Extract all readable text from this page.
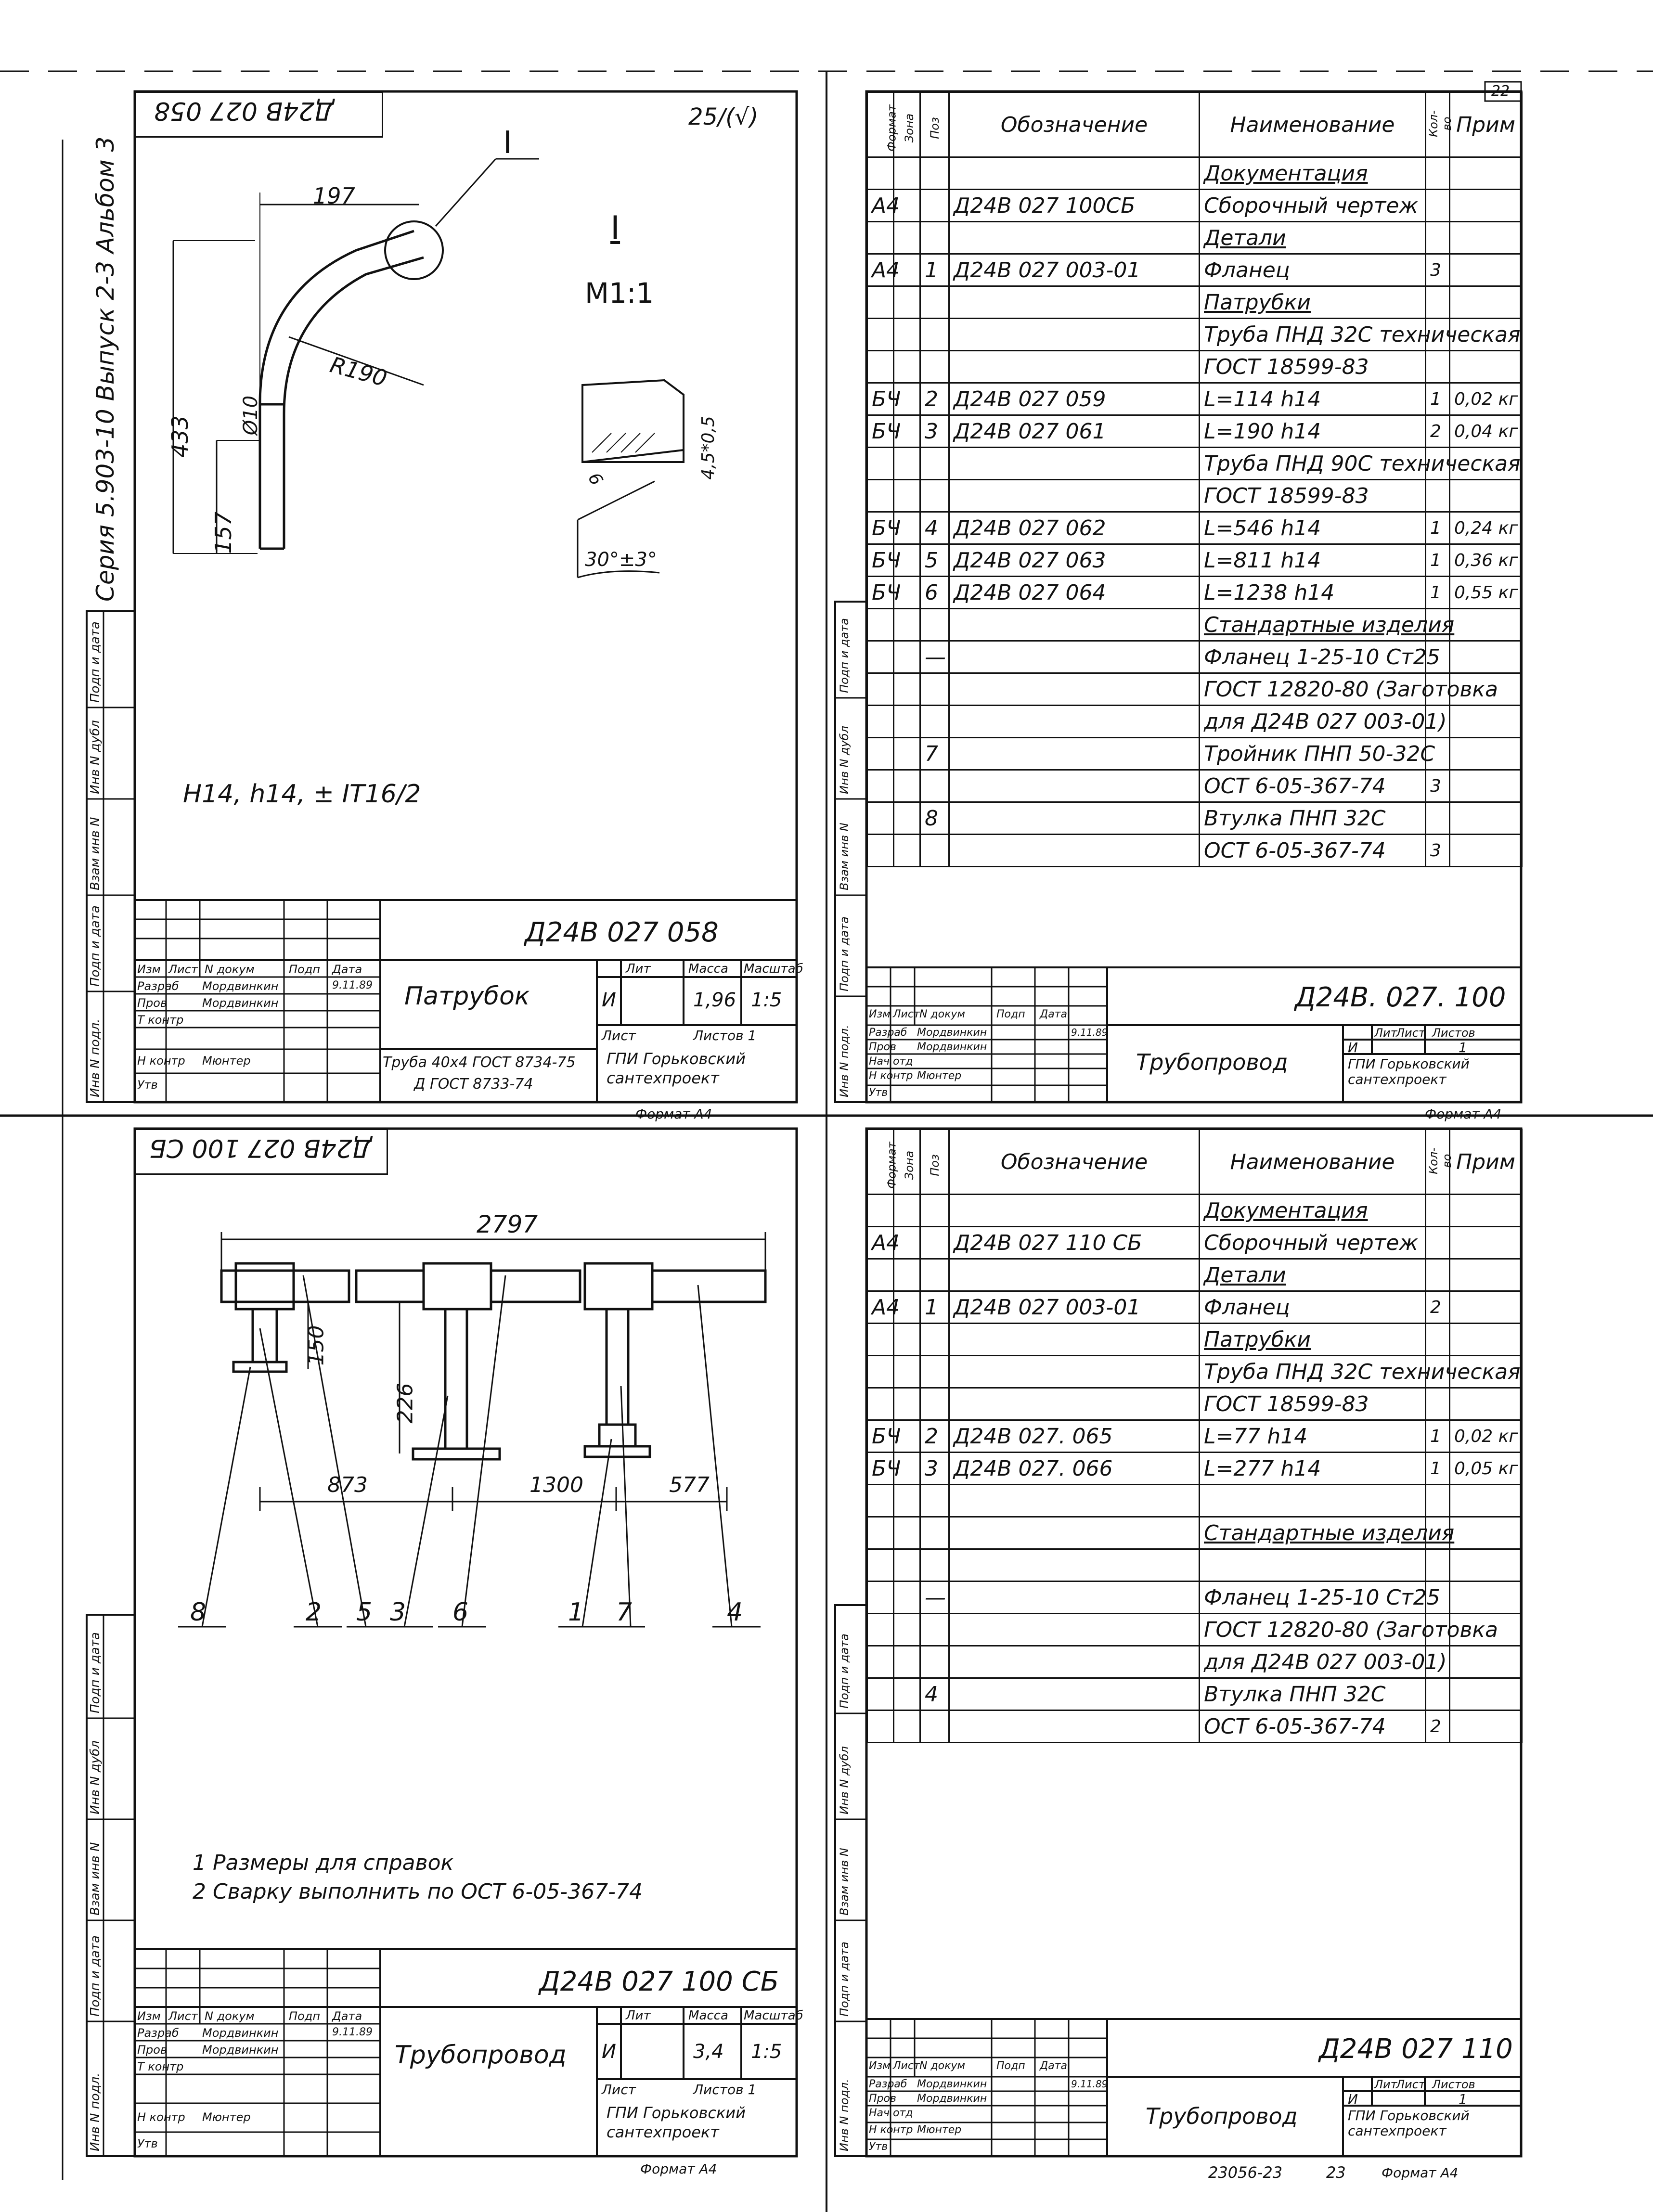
22
Серия 5.903-10 Выпуск 2-3 Альбом 3
Инв N подл.
Подп и дата
Взам инв N
Инв N дубл
Подп и дата
Инв N подл.
Подп и дата
Взам инв N
Инв N дубл
Подп и дата
Инв N подл.
Подп и дата
Взам инв N
Инв N дубл
Подп и дата
Инв N подл.
Подп и дата
Взам инв N
Инв N дубл
Подп и дата
Д24В 027 058	25/(√)
I
I
М1:1
197
R190
433
157
Ø10
4,5*0,5
30°±3°
6
H14, h14, ± IT16/2
Д24В 027 058
Изм Лист N докум	Подп Дата
Разраб Мордвинкин	9.11.89
Пров	Мордвинкин
Т контр
Н контр Мюнтер
Утв
Патрубок
Труба 40х4 ГОСТ 8734-75
Д ГОСТ 8733-74
Лит	Масса Масштаб
И	1,96 1:5
Лист	Листов 1
ГПИ Горьковский сантехпроект
Формат А4
Формат	Зона	Поз	Обозначение	Наименование	Кол-во	Прим
				Документация		
А4			Д24В 027 100СБ	Сборочный чертеж		
				Детали		
А4		1	Д24В 027 003-01	Фланец	3	
				Патрубки		
				Труба ПНД 32С техническая		
				ГОСТ 18599-83		
БЧ		2	Д24В 027 059	L=114 h14	1	0,02 кг
БЧ		3	Д24В 027 061	L=190 h14	2	0,04 кг
				Труба ПНД 90С техническая		
				ГОСТ 18599-83		
БЧ		4	Д24В 027 062	L=546 h14	1	0,24 кг
БЧ		5	Д24В 027 063	L=811 h14	1	0,36 кг
БЧ		6	Д24В 027 064	L=1238 h14	1	0,55 кг
				Стандартные изделия		
		—		Фланец 1-25-10 Ст25		
				ГОСТ 12820-80 (Заготовка		
				для Д24В 027 003-01)		
		7		Тройник ПНП 50-32С		
				ОСТ 6-05-367-74	3	
		8		Втулка ПНП 32С		
				ОСТ 6-05-367-74	3	
Изм Лист N докум	Подп Дата
Разраб Мордвинкин	9.11.89
Пров Мордвинкин
Нач отд
Н контр Мюнтер
Утв
Д24В. 027. 100
Трубопровод
Лит
Лист Листов
И	1
ГПИ Горьковский сантехпроект
Формат А4
Д24В 027 100 СБ
2797
150
226
873	1300	577
8	2 5 3 6	1 7	4
1 Размеры для справок
2 Сварку выполнить по ОСТ 6-05-367-74
Д24В 027 100 СБ
Изм Лист N докум	Подп Дата
Разраб Мордвинкин	9.11.89
Пров	Мордвинкин
Т контр
Н контр Мюнтер
Утв
Трубопровод
Лит	Масса Масштаб
И	3,4 1:5
Лист	Листов 1
ГПИ Горьковский сантехпроект
Формат А4
Формат	Зона	Поз	Обозначение	Наименование	Кол-во	Прим
				Документация		
А4			Д24В 027 110 СБ	Сборочный чертеж		
				Детали		
А4		1	Д24В 027 003-01	Фланец	2	
				Патрубки		
				Труба ПНД 32С техническая		
				ГОСТ 18599-83		
БЧ		2	Д24В 027. 065	L=77 h14	1	0,02 кг
БЧ		3	Д24В 027. 066	L=277 h14	1	0,05 кг

				Стандартные изделия		

		—		Фланец 1-25-10 Ст25		
				ГОСТ 12820-80 (Заготовка		
				для Д24В 027 003-01)		
		4		Втулка ПНП 32С		
				ОСТ 6-05-367-74	2	
Изм Лист N докум	Подп Дата
Разраб Мордвинкин	9.11.89
Пров Мордвинкин
Нач отд
Н контр Мюнтер
Утв
Д24В 027 110
Трубопровод
Лит
Лист Листов
И	1
ГПИ Горьковский сантехпроект
23056-23	23	Формат А4
